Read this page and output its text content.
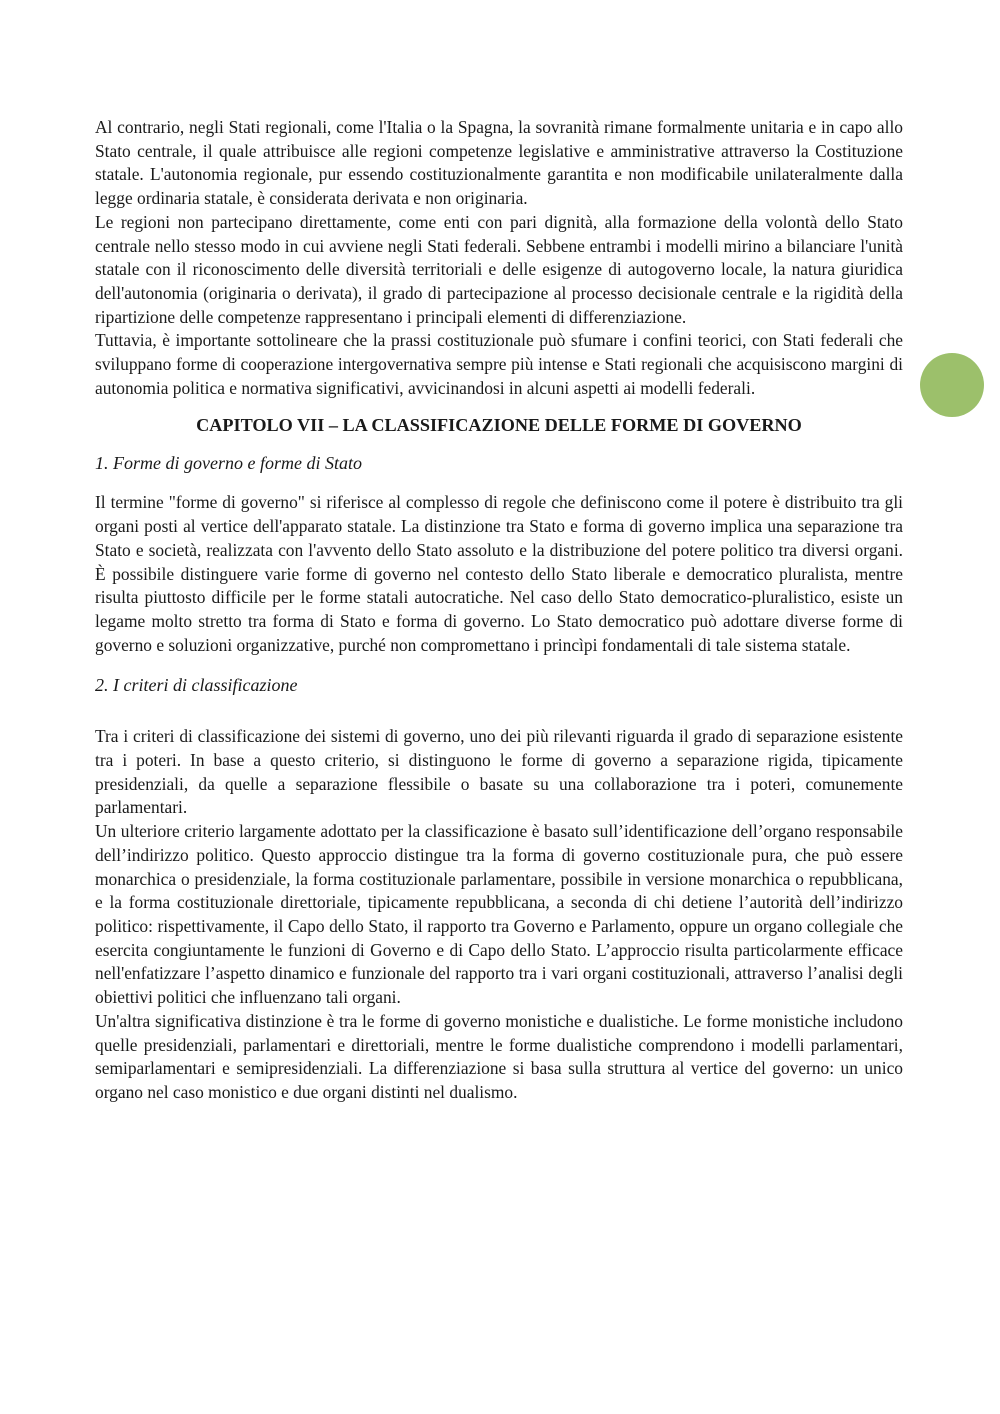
Al contrario, negli Stati regionali, come l'Italia o la Spagna, la sovranità rimane formalmente unitaria e in capo allo Stato centrale, il quale attribuisce alle regioni competenze legislative e amministrative attraverso la Costituzione statale. L'autonomia regionale, pur essendo costituzionalmente garantita e non modificabile unilateralmente dalla legge ordinaria statale, è considerata derivata e non originaria.

Le regioni non partecipano direttamente, come enti con pari dignità, alla formazione della volontà dello Stato centrale nello stesso modo in cui avviene negli Stati federali. Sebbene entrambi i modelli mirino a bilanciare l'unità statale con il riconoscimento delle diversità territoriali e delle esigenze di autogoverno locale, la natura giuridica dell'autonomia (originaria o derivata), il grado di partecipazione al processo decisionale centrale e la rigidità della ripartizione delle competenze rappresentano i principali elementi di differenziazione.

Tuttavia, è importante sottolineare che la prassi costituzionale può sfumare i confini teorici, con Stati federali che sviluppano forme di cooperazione intergovernativa sempre più intense e Stati regionali che acquisiscono margini di autonomia politica e normativa significativi, avvicinandosi in alcuni aspetti ai modelli federali.

CAPITOLO VII – LA CLASSIFICAZIONE DELLE FORME DI GOVERNO
1. Forme di governo e forme di Stato

Il termine "forme di governo" si riferisce al complesso di regole che definiscono come il potere è distribuito tra gli organi posti al vertice dell'apparato statale. La distinzione tra Stato e forma di governo implica una separazione tra Stato e società, realizzata con l'avvento dello Stato assoluto e la distribuzione del potere politico tra diversi organi. È possibile distinguere varie forme di governo nel contesto dello Stato liberale e democratico pluralista, mentre risulta piuttosto difficile per le forme statali autocratiche. Nel caso dello Stato democratico-pluralistico, esiste un legame molto stretto tra forma di Stato e forma di governo. Lo Stato democratico può adottare diverse forme di governo e soluzioni organizzative, purché non compromettano i princìpi fondamentali di tale sistema statale.

2. I criteri di classificazione

Tra i criteri di classificazione dei sistemi di governo, uno dei più rilevanti riguarda il grado di separazione esistente tra i poteri. In base a questo criterio, si distinguono le forme di governo a separazione rigida, tipicamente presidenziali, da quelle a separazione flessibile o basate su una collaborazione tra i poteri, comunemente parlamentari.

Un ulteriore criterio largamente adottato per la classificazione è basato sull’identificazione dell’organo responsabile dell’indirizzo politico. Questo approccio distingue tra la forma di governo costituzionale pura, che può essere monarchica o presidenziale, la forma costituzionale parlamentare, possibile in versione monarchica o repubblicana, e la forma costituzionale direttoriale, tipicamente repubblicana, a seconda di chi detiene l’autorità dell’indirizzo politico: rispettivamente, il Capo dello Stato, il rapporto tra Governo e Parlamento, oppure un organo collegiale che esercita congiuntamente le funzioni di Governo e di Capo dello Stato. L’approccio risulta particolarmente efficace nell'enfatizzare l’aspetto dinamico e funzionale del rapporto tra i vari organi costituzionali, attraverso l’analisi degli obiettivi politici che influenzano tali organi.

Un'altra significativa distinzione è tra le forme di governo monistiche e dualistiche. Le forme monistiche includono quelle presidenziali, parlamentari e direttoriali, mentre le forme dualistiche comprendono i modelli parlamentari, semiparlamentari e semipresidenziali. La differenziazione si basa sulla struttura al vertice del governo: un unico organo nel caso monistico e due organi distinti nel dualismo.
